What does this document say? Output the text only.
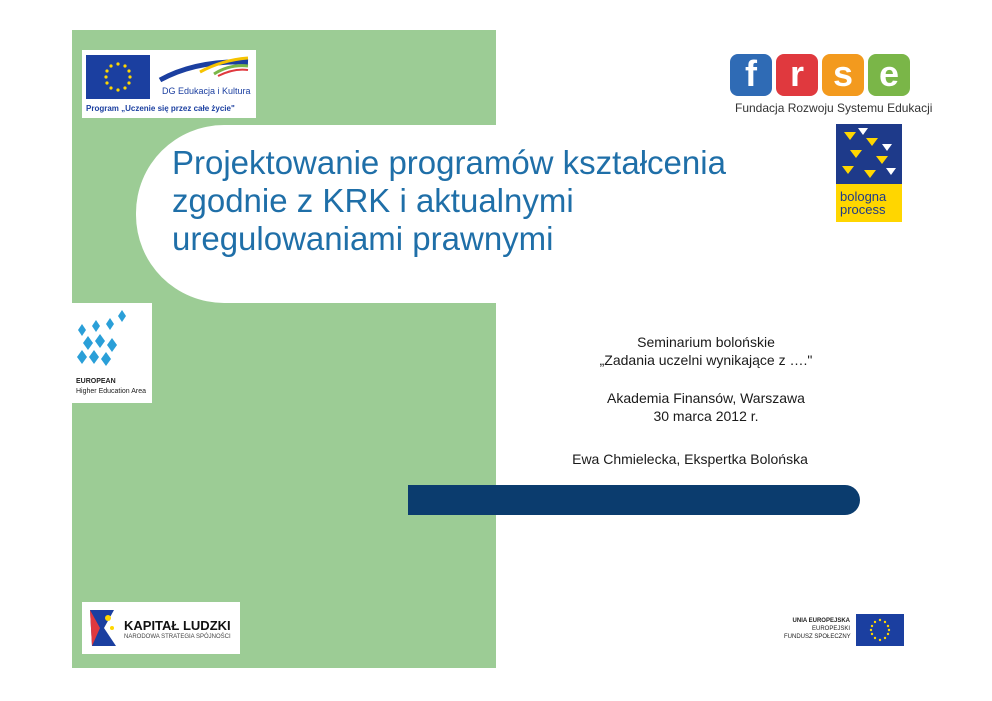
Projektowanie programów kształcenia
zgodnie z KRK i aktualnymi
uregulowaniami prawnymi
DG Edukacja i Kultura
Program „Uczenie się przez całe życie"
f r s e
Fundacja Rozwoju Systemu Edukacji
bologna
process
EUROPEAN
Higher Education Area
Seminarium bolońskie
„Zadania uczelni wynikające z …."
Akademia Finansów, Warszawa
30 marca 2012 r.
Ewa Chmielecka, Ekspertka Bolońska
KAPITAŁ LUDZKI
NARODOWA STRATEGIA SPÓJNOŚCI
UNIA EUROPEJSKA
EUROPEJSKI
FUNDUSZ SPOŁECZNY
